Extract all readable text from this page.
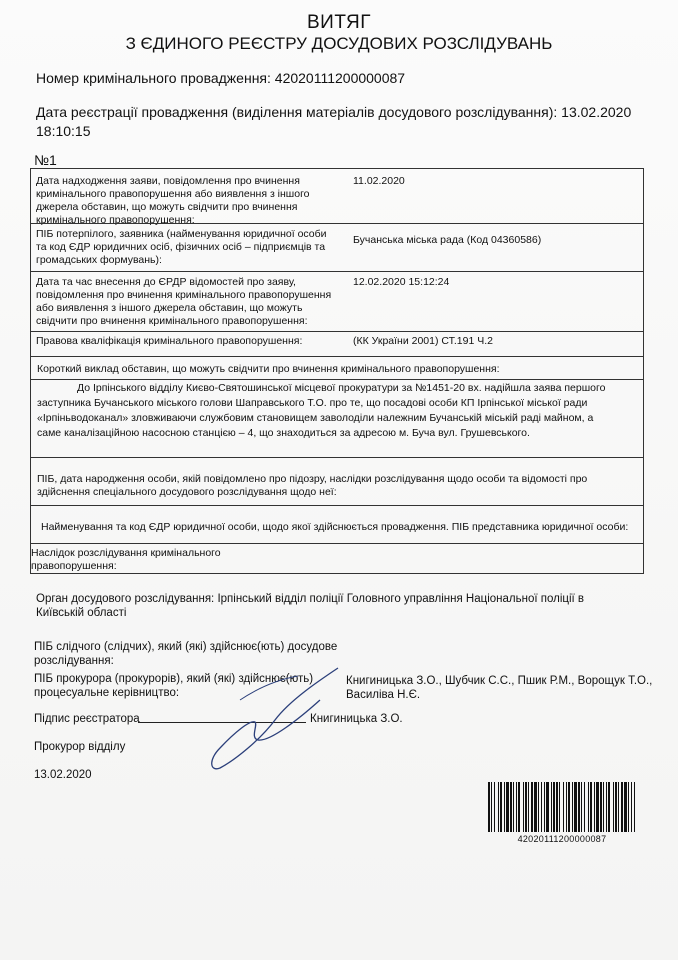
ВИТЯГ
З ЄДИНОГО РЕЄСТРУ ДОСУДОВИХ РОЗСЛІДУВАНЬ
Номер кримінального провадження: 42020111200000087
Дата реєстрації провадження (виділення матеріалів досудового розслідування): 13.02.2020 18:10:15
№1
Дата надходження заяви, повідомлення про вчинення кримінального правопорушення або виявлення з іншого джерела обставин, що можуть свідчити про вчинення кримінального правопорушення:
11.02.2020
ПІБ потерпілого, заявника (найменування юридичної особи та код ЄДР юридичних осіб, фізичних осіб – підприємців та громадських формувань):
Бучанська міська рада (Код 04360586)
Дата та час внесення до ЄРДР відомостей про заяву, повідомлення про вчинення кримінального правопорушення або виявлення з іншого джерела обставин, що можуть свідчити про вчинення кримінального правопорушення:
12.02.2020 15:12:24
Правова кваліфікація кримінального правопорушення:	(КК України 2001) СТ.191 Ч.2
Короткий виклад обставин, що можуть свідчити про вчинення кримінального правопорушення:
До Ірпінського відділу Києво-Святошинської місцевої прокуратури за №1451-20 вх. надійшла заява першого заступника Бучанського міського голови Шаправського Т.О. про те, що посадові особи КП Ірпінської міської ради «Ірпіньводоканал» зловживаючи службовим становищем заволоділи належним Бучанській міській раді майном, а саме каналізаційною насосною станцією – 4, що знаходиться за адресою м. Буча вул. Грушевського.
ПІБ, дата народження особи, якій повідомлено про підозру, наслідки розслідування щодо особи та відомості про здійснення спеціального досудового розслідування щодо неї:
Найменування та код ЄДР юридичної особи, щодо якої здійснюється провадження. ПІБ представника юридичної особи:
Наслідок розслідування кримінального правопорушення:
Орган досудового розслідування: Ірпінський відділ поліції Головного управління Національної поліції в Київській області
ПІБ слідчого (слідчих), який (які) здійснює(ють) досудове розслідування:
ПІБ прокурора (прокурорів), який (які) здійснює(ють) процесуальне керівництво:
Книгиницька З.О., Шубчик С.С., Пшик Р.М., Ворощук Т.О., Василіва Н.Є.
Підпис реєстратора	Книгиницька З.О.
Прокурор відділу
13.02.2020
42020111200000087
